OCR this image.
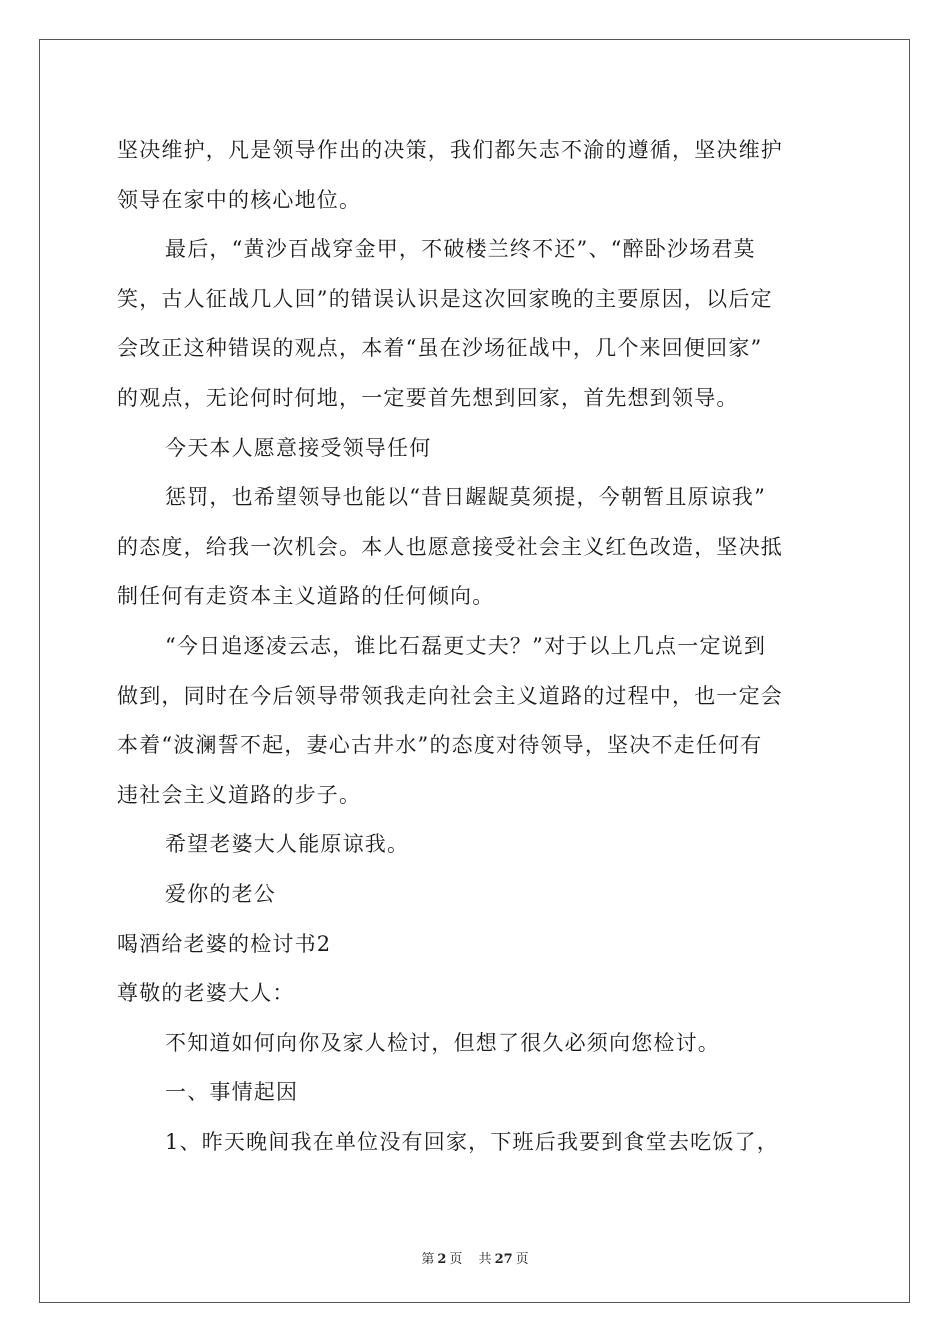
坚决维护，凡是领导作出的决策，我们都矢志不渝的遵循，坚决维护
领导在家中的核心地位。
最后，“黄沙百战穿金甲，不破楼兰终不还”、“醉卧沙场君莫
笑，古人征战几人回”的错误认识是这次回家晚的主要原因，以后定
会改正这种错误的观点，本着“虽在沙场征战中，几个来回便回家”
的观点，无论何时何地，一定要首先想到回家，首先想到领导。
今天本人愿意接受领导任何
惩罚，也希望领导也能以“昔日龌龊莫须提，今朝暂且原谅我”
的态度，给我一次机会。本人也愿意接受社会主义红色改造，坚决抵
制任何有走资本主义道路的任何倾向。
“今日追逐凌云志，谁比石磊更丈夫？”对于以上几点一定说到
做到，同时在今后领导带领我走向社会主义道路的过程中，也一定会
本着“波澜誓不起，妻心古井水”的态度对待领导，坚决不走任何有
违社会主义道路的步子。
希望老婆大人能原谅我。
爱你的老公
喝酒给老婆的检讨书2
尊敬的老婆大人：
不知道如何向你及家人检讨，但想了很久必须向您检讨。
一、事情起因
1、昨天晚间我在单位没有回家，下班后我要到食堂去吃饭了，
第 2 页 共 27 页
